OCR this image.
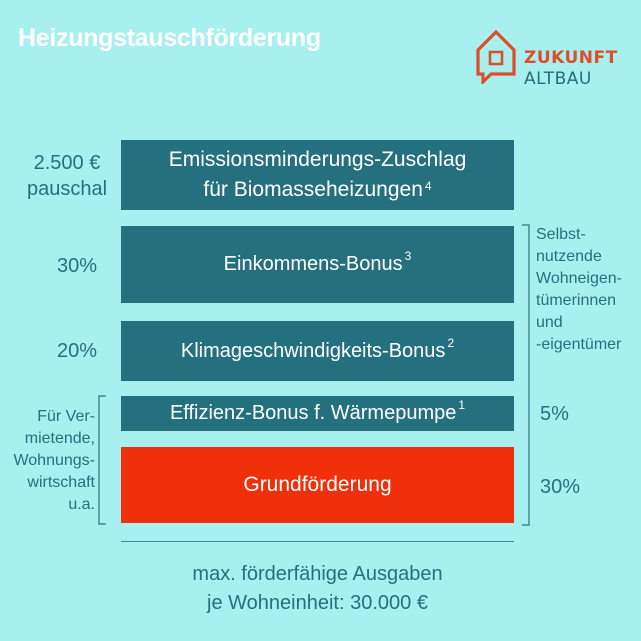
Heizungstauschförderung
ZUKUNFT
ALTBAU
Emissionsminderungs-Zuschlag
für Biomasseheizungen $^4$
Einkommens-Bonus $^3$
Klimageschwindigkeits-Bonus $^2$
Effizienz-Bonus f. Wärmepumpe $^1$
Grundförderung
2.500 €
pauschal
30%
20%
5%
30%
Für Ver-
mietende,
Wohnungs-
wirtschaft
u.a.
Selbst-
nutzende
Wohneigen-
tümerinnen
und
-eigentümer
max. förderfähige Ausgaben
je Wohneinheit: 30.000 €
